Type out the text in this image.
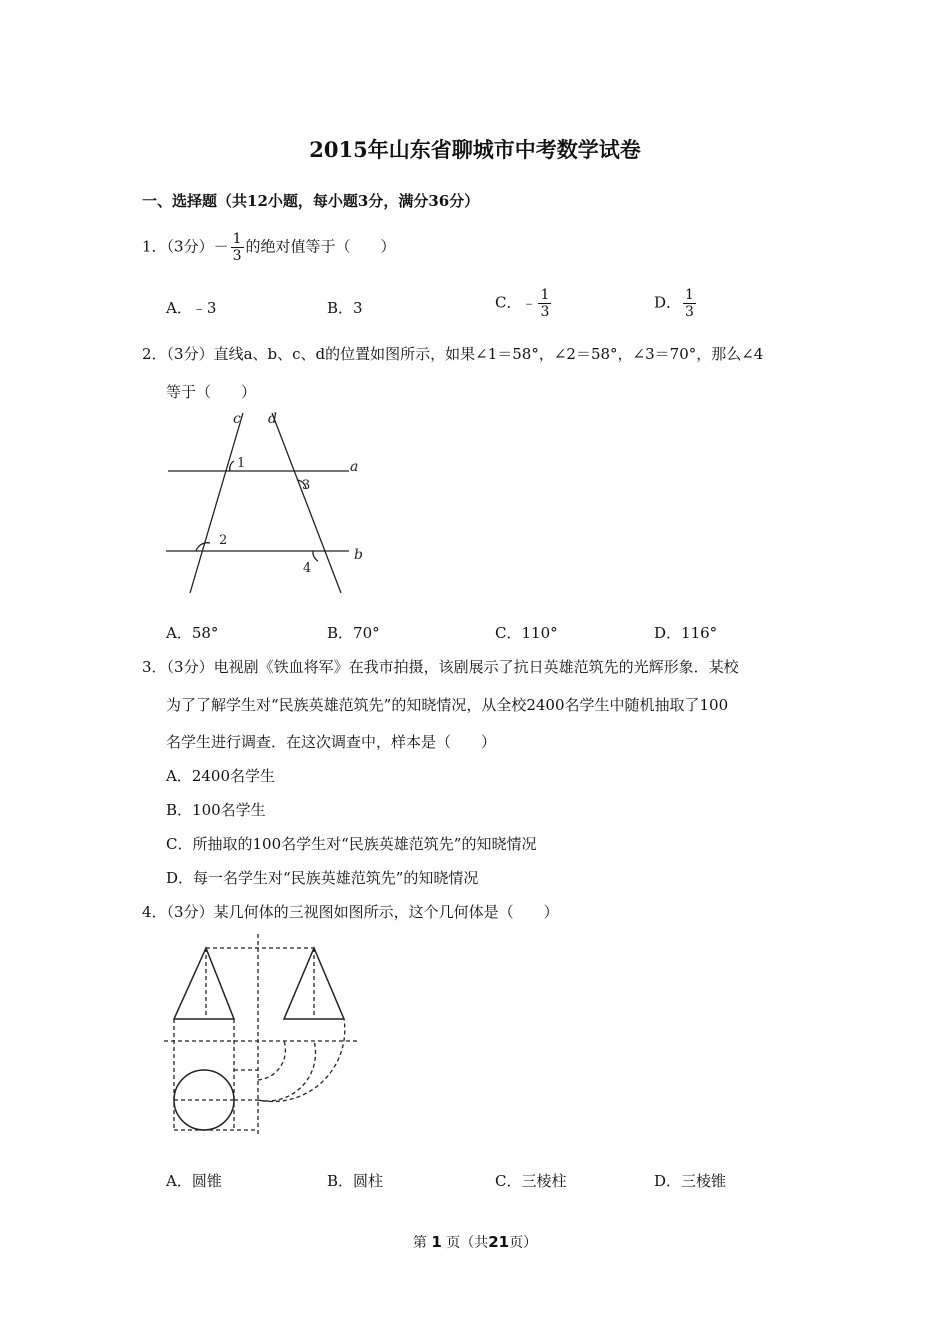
2015年山东省聊城市中考数学试卷
一、选择题（共12小题，每小题3分，满分36分）
1．（3分）－ $\frac{1}{3}$ 的绝对值等于（　　）
A．﹣3	B．3	C．﹣ $\frac{1}{3}$	D． $\frac{1}{3}$
2．（3分）直线a、b、c、d的位置如图所示，如果∠1＝58°，∠2＝58°，∠3＝70°，那么∠4
等于（　　）
c d
a
b
1
2
3
4
A．58°	B．70°	C．110°	D．116°
3．（3分）电视剧《铁血将军》在我市拍摄，该剧展示了抗日英雄范筑先的光辉形象．某校
为了了解学生对“民族英雄范筑先”的知晓情况，从全校2400名学生中随机抽取了100
名学生进行调查．在这次调查中，样本是（　　）
A．2400名学生
B．100名学生
C．所抽取的100名学生对“民族英雄范筑先”的知晓情况
D．每一名学生对“民族英雄范筑先”的知晓情况
4．（3分）某几何体的三视图如图所示，这个几何体是（　　）
A．圆锥	B．圆柱	C．三棱柱	D．三棱锥
第 1 页（共21页）
